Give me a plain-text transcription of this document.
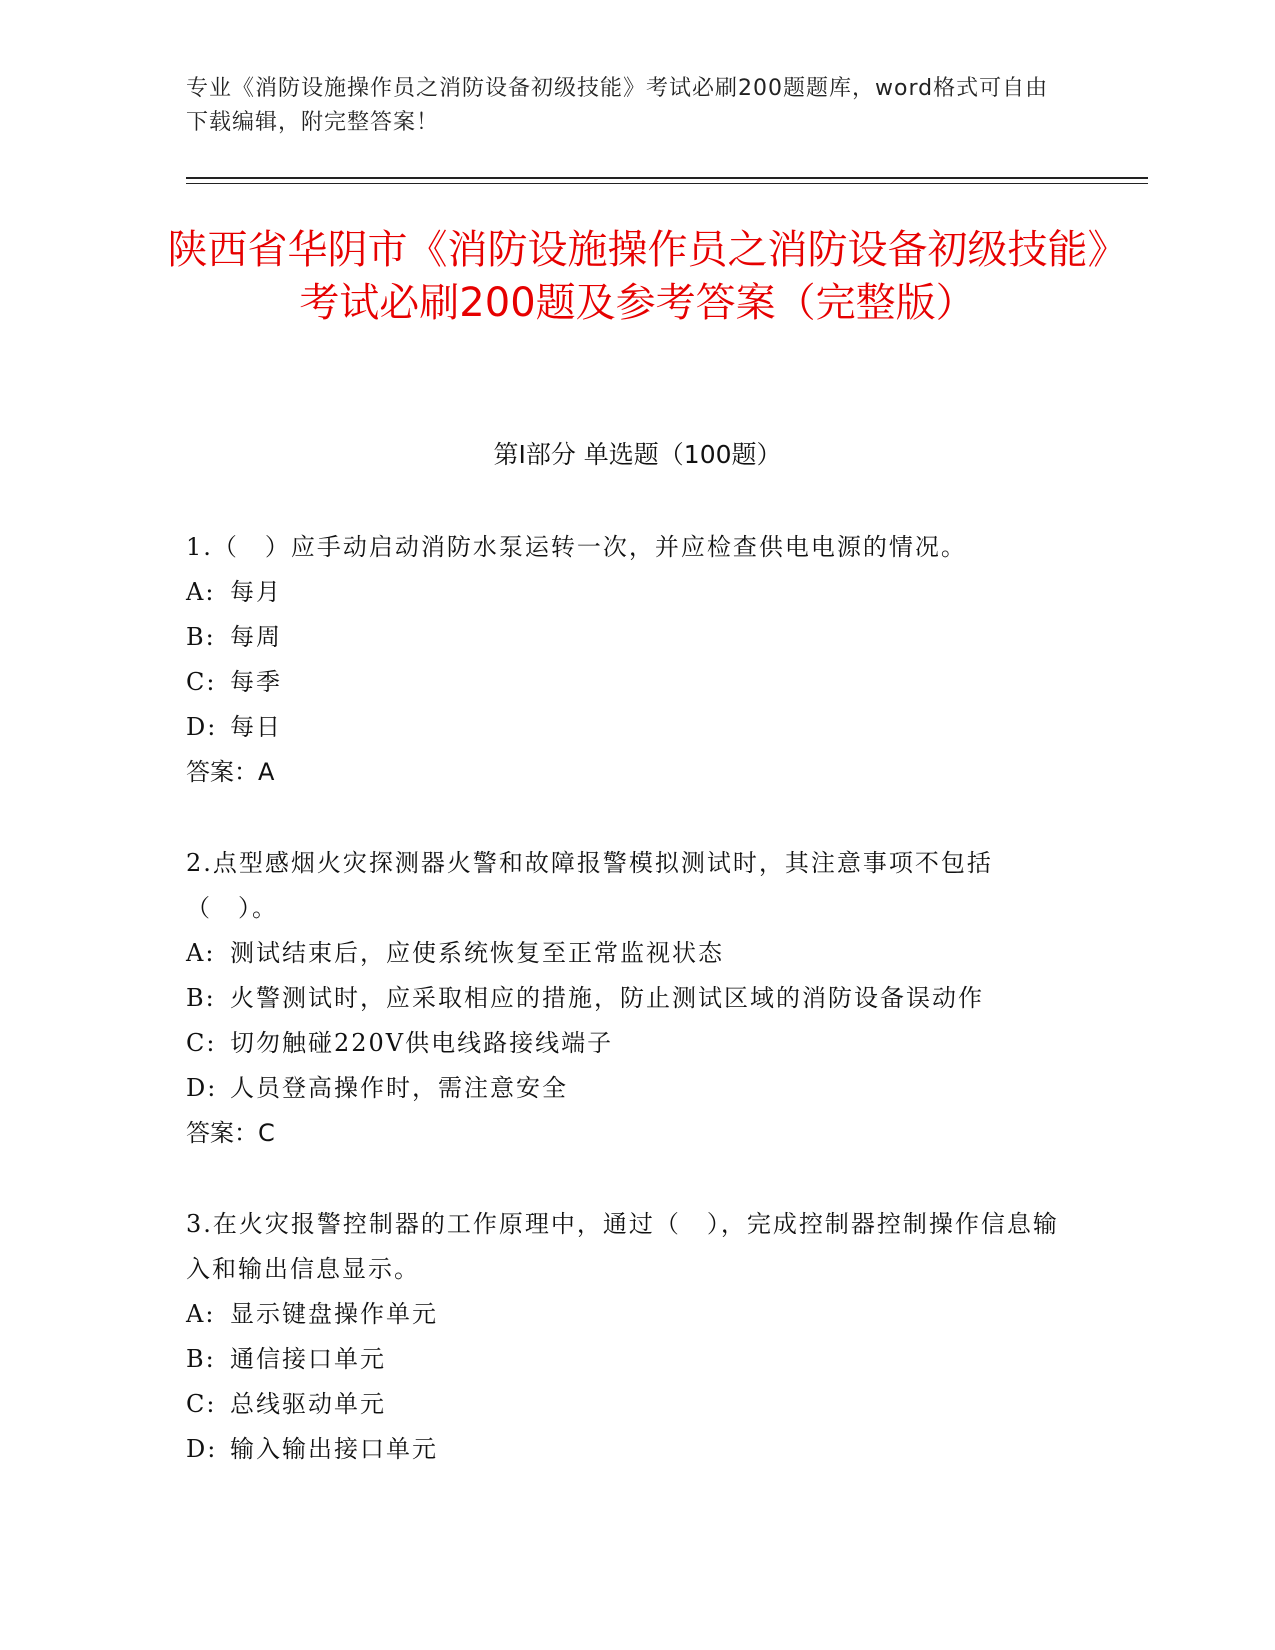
专业《消防设施操作员之消防设备初级技能》考试必刷200题题库，word格式可自由下载编辑，附完整答案！
陕西省华阴市《消防设施操作员之消防设备初级技能》考试必刷200题及参考答案（完整版）
第Ⅰ部分 单选题（100题）

1.（　）应手动启动消防水泵运转一次，并应检查供电电源的情况。

A: 每月

B: 每周

C: 每季

D: 每日

答案：A

2.点型感烟火灾探测器火警和故障报警模拟测试时，其注意事项不包括（　）。

A: 测试结束后，应使系统恢复至正常监视状态

B: 火警测试时，应采取相应的措施，防止测试区域的消防设备误动作

C: 切勿触碰220V供电线路接线端子

D: 人员登高操作时，需注意安全

答案：C

3.在火灾报警控制器的工作原理中，通过（　），完成控制器控制操作信息输入和输出信息显示。

A: 显示键盘操作单元

B: 通信接口单元

C: 总线驱动单元

D: 输入输出接口单元
